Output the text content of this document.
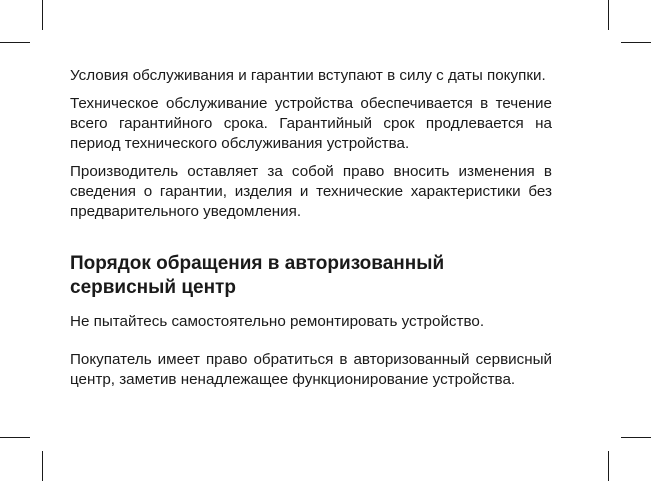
Условия обслуживания и гарантии вступают в силу с даты покупки.

Техническое обслуживание устройства обеспечивается в течение всего гарантийного срока. Гарантийный срок продлевается на период технического обслуживания устройства.

Производитель оставляет за собой право вносить изменения в сведения о гарантии, изделия и технические характеристики без предварительного уведомления.

Порядок обращения в авторизованный сервисный центр

Не пытайтесь самостоятельно ремонтировать устройство.

Покупатель имеет право обратиться в авторизованный сервисный центр, заметив ненадлежащее функционирование устройства.
